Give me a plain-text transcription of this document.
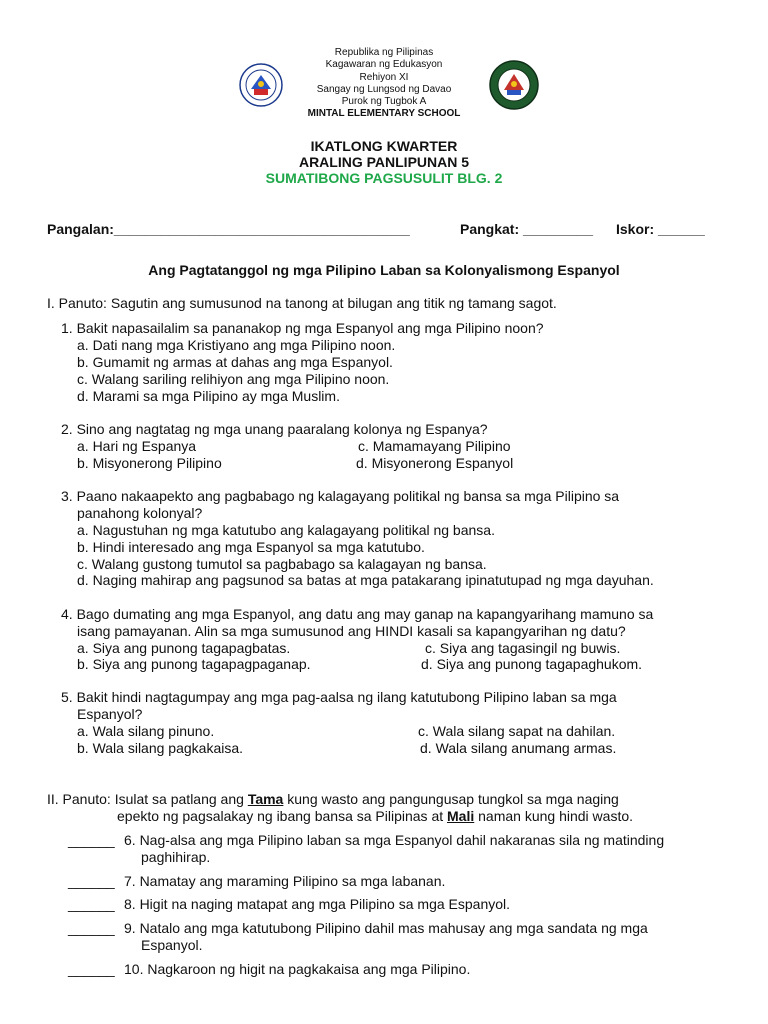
Republika ng Pilipinas
Kagawaran ng Edukasyon
Rehiyon XI
Sangay ng Lungsod ng Davao
Purok ng Tugbok A
MINTAL ELEMENTARY SCHOOL
IKATLONG KWARTER
ARALING PANLIPUNAN 5
SUMATIBONG PAGSUSULIT BLG. 2
Pangalan:______________________________________	Pangkat: _________ Iskor: ______
Ang Pagtatanggol ng mga Pilipino Laban sa Kolonyalismong Espanyol
I. Panuto: Sagutin ang sumusunod na tanong at bilugan ang titik ng tamang sagot.
1. Bakit napasailalim sa pananakop ng mga Espanyol ang mga Pilipino noon?
a. Dati nang mga Kristiyano ang mga Pilipino noon.
b. Gumamit ng armas at dahas ang mga Espanyol.
c. Walang sariling relihiyon ang mga Pilipino noon.
d. Marami sa mga Pilipino ay mga Muslim.
2. Sino ang nagtatag ng mga unang paaralang kolonya ng Espanya?
a. Hari ng Espanya	c. Mamamayang Pilipino
b. Misyonerong Pilipino	d. Misyonerong Espanyol
3. Paano nakaapekto ang pagbabago ng kalagayang politikal ng bansa sa mga Pilipino sa
panahong kolonyal?
a. Nagustuhan ng mga katutubo ang kalagayang politikal ng bansa.
b. Hindi interesado ang mga Espanyol sa mga katutubo.
c. Walang gustong tumutol sa pagbabago sa kalagayan ng bansa.
d. Naging mahirap ang pagsunod sa batas at mga patakarang ipinatutupad ng mga dayuhan.
4. Bago dumating ang mga Espanyol, ang datu ang may ganap na kapangyarihang mamuno sa
isang pamayanan. Alin sa mga sumusunod ang HINDI kasali sa kapangyarihan ng datu?
a. Siya ang punong tagapagbatas.	c. Siya ang tagasingil ng buwis.
b. Siya ang punong tagapagpaganap.	d. Siya ang punong tagapaghukom.
5. Bakit hindi nagtagumpay ang mga pag-aalsa ng ilang katutubong Pilipino laban sa mga
Espanyol?
a. Wala silang pinuno.	c. Wala silang sapat na dahilan.
b. Wala silang pagkakaisa.	d. Wala silang anumang armas.
II. Panuto: Isulat sa patlang ang Tama kung wasto ang pangungusap tungkol sa mga naging
epekto ng pagsalakay ng ibang bansa sa Pilipinas at Mali naman kung hindi wasto.
______ 6. Nag-alsa ang mga Pilipino laban sa mga Espanyol dahil nakaranas sila ng matinding
paghihirap.
______ 7. Namatay ang maraming Pilipino sa mga labanan.
______ 8. Higit na naging matapat ang mga Pilipino sa mga Espanyol.
______ 9. Natalo ang mga katutubong Pilipino dahil mas mahusay ang mga sandata ng mga
Espanyol.
______ 10. Nagkaroon ng higit na pagkakaisa ang mga Pilipino.
